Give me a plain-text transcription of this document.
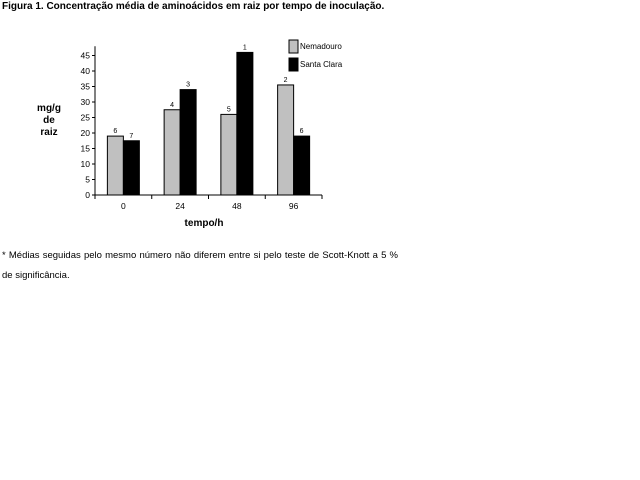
Figura 1. Concentração média de aminoácidos em raiz por tempo de inoculação.

mg/g
de
raiz
0
5
10
15
20
25
30
35
40
45
0	24	48	96
6
7
4
3
5
1
2
6
Nemadouro
Santa Clara
tempo/h

* Médias seguidas pelo mesmo número não diferem entre si pelo teste de Scott-Knott a 5 % de significância.
